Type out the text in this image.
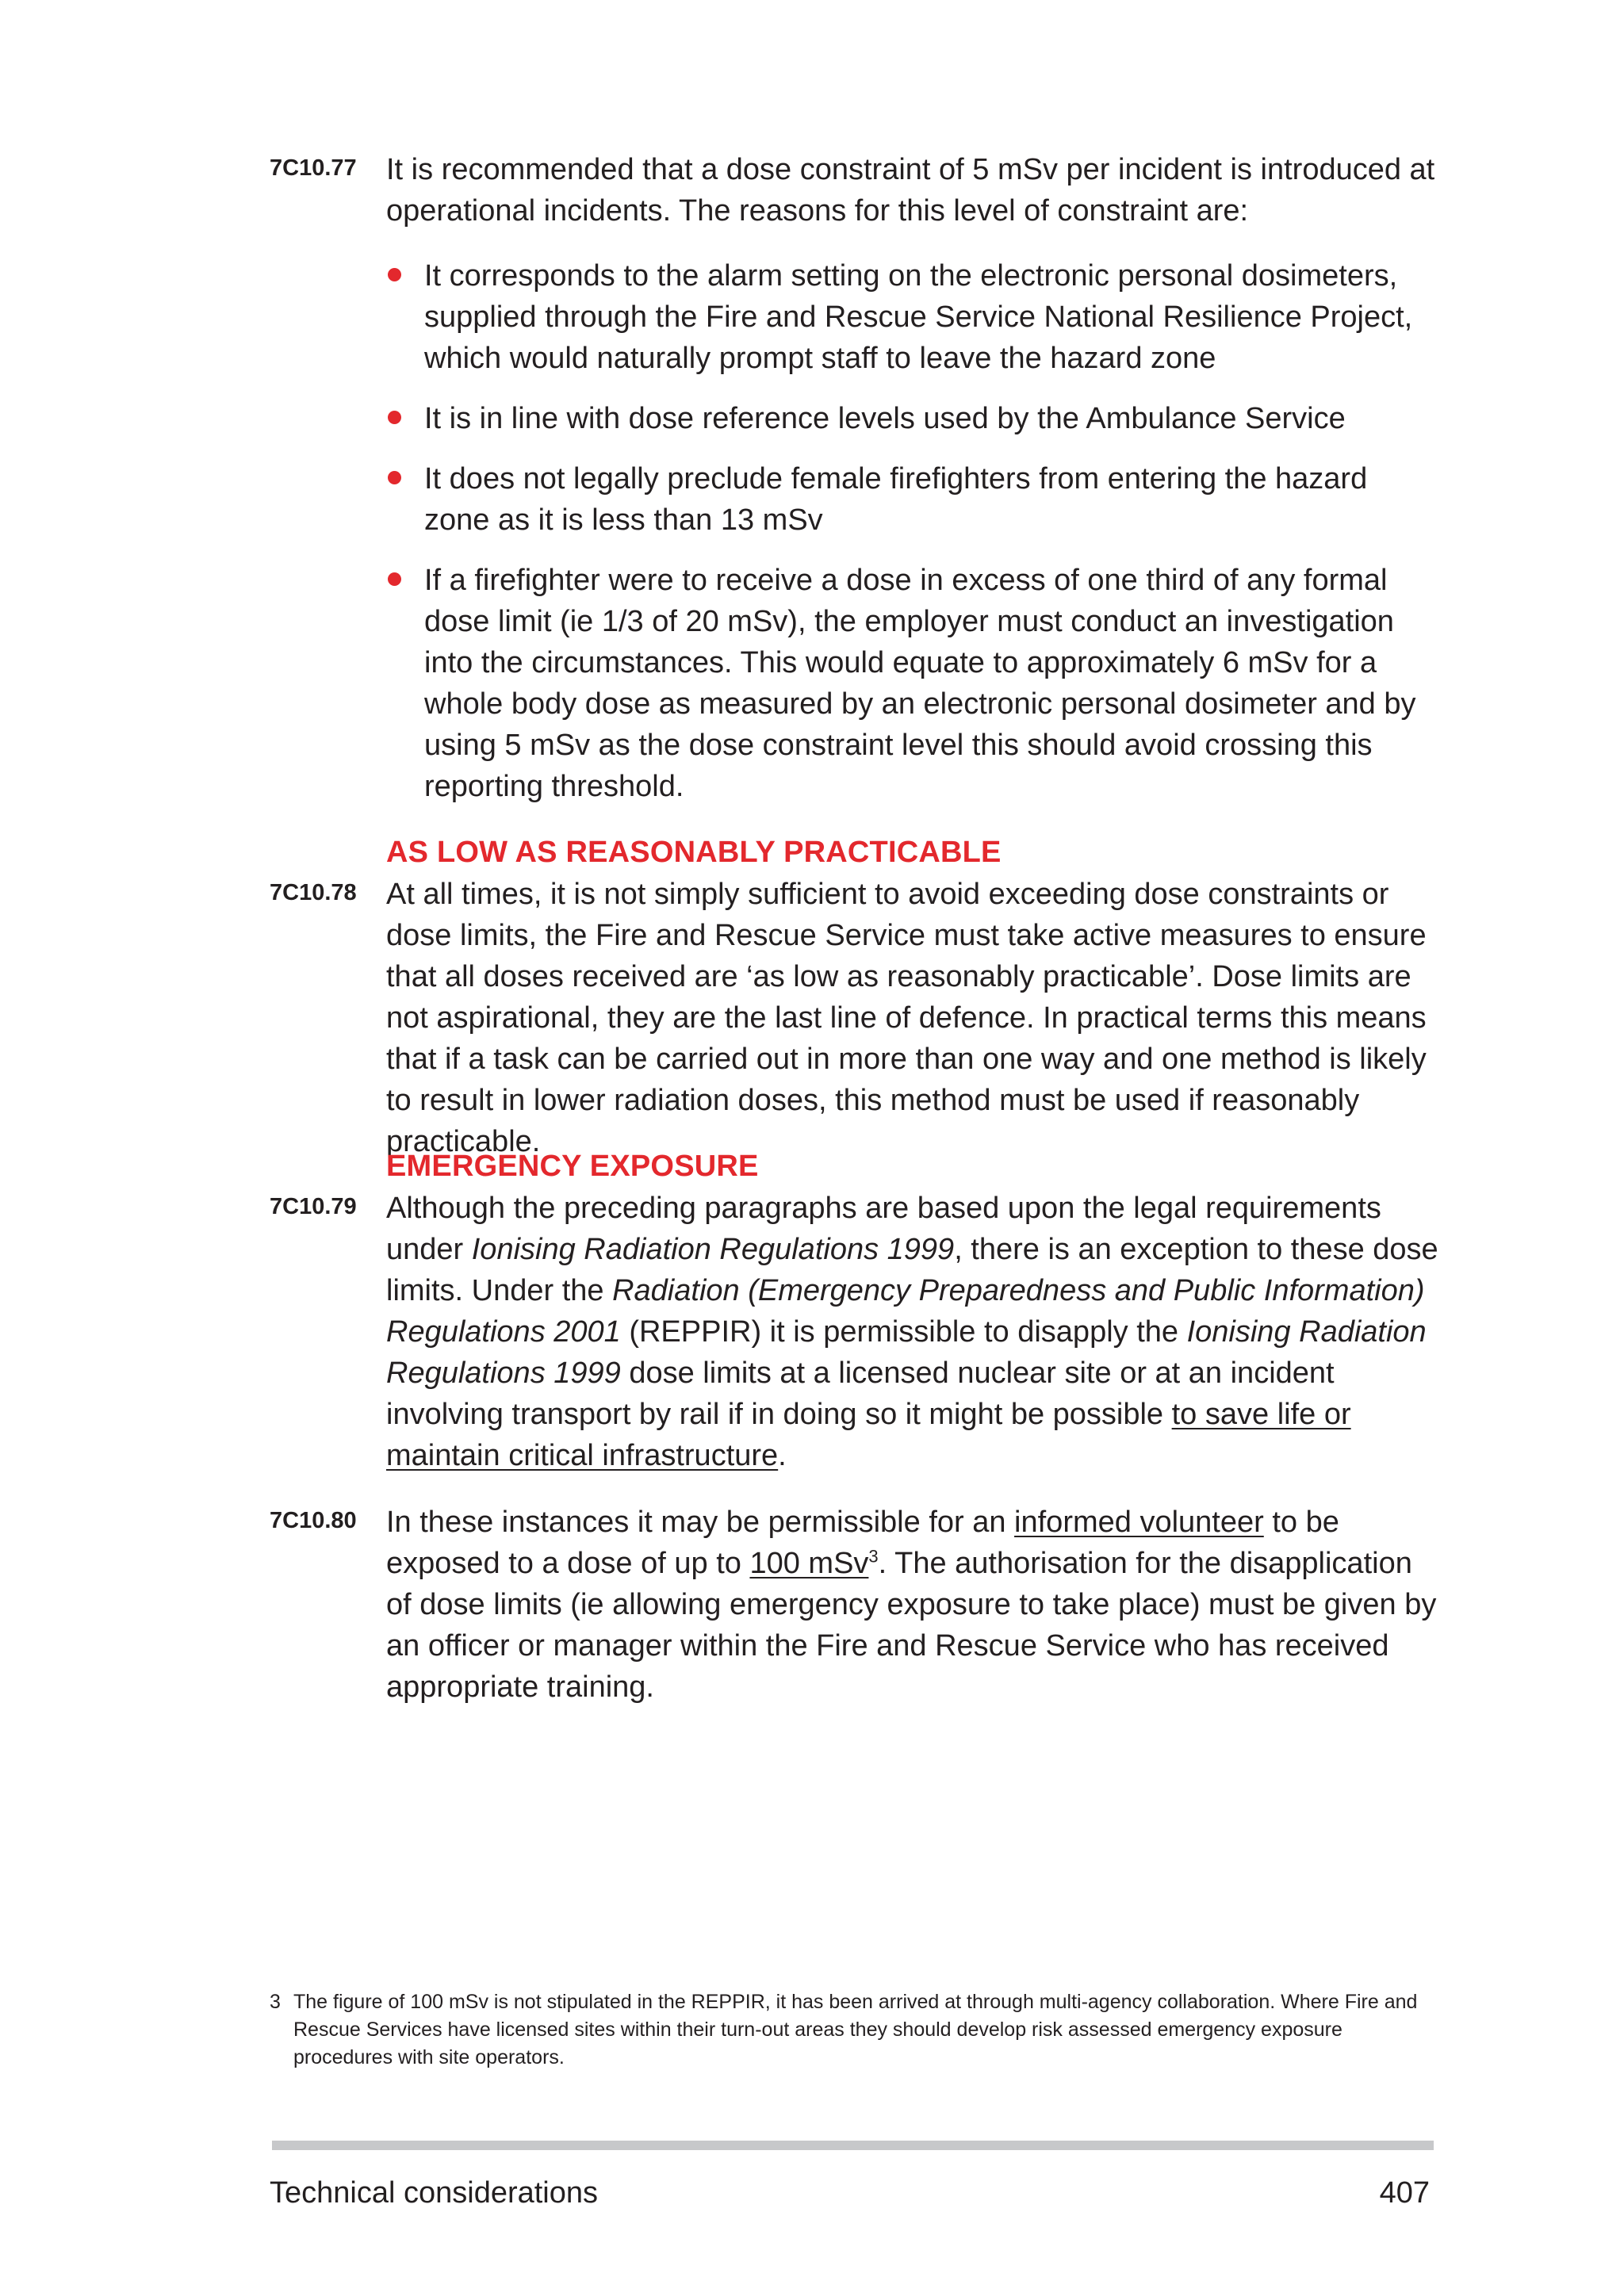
7C10.77 It is recommended that a dose constraint of 5 mSv per incident is introduced at operational incidents. The reasons for this level of constraint are:
It corresponds to the alarm setting on the electronic personal dosimeters, supplied through the Fire and Rescue Service National Resilience Project, which would naturally prompt staff to leave the hazard zone
It is in line with dose reference levels used by the Ambulance Service
It does not legally preclude female firefighters from entering the hazard zone as it is less than 13 mSv
If a firefighter were to receive a dose in excess of one third of any formal dose limit (ie 1/3 of 20 mSv), the employer must conduct an investigation into the circumstances. This would equate to approximately 6 mSv for a whole body dose as measured by an electronic personal dosimeter and by using 5 mSv as the dose constraint level this should avoid crossing this reporting threshold.
AS LOW AS REASONABLY PRACTICABLE
7C10.78 At all times, it is not simply sufficient to avoid exceeding dose constraints or dose limits, the Fire and Rescue Service must take active measures to ensure that all doses received are ‘as low as reasonably practicable’. Dose limits are not aspirational, they are the last line of defence. In practical terms this means that if a task can be carried out in more than one way and one method is likely to result in lower radiation doses, this method must be used if reasonably practicable.
EMERGENCY EXPOSURE
7C10.79 Although the preceding paragraphs are based upon the legal requirements under Ionising Radiation Regulations 1999, there is an exception to these dose limits. Under the Radiation (Emergency Preparedness and Public Information) Regulations 2001 (REPPIR) it is permissible to disapply the Ionising Radiation Regulations 1999 dose limits at a licensed nuclear site or at an incident involving transport by rail if in doing so it might be possible to save life or maintain critical infrastructure.
7C10.80 In these instances it may be permissible for an informed volunteer to be exposed to a dose of up to 100 mSv$^3$. The authorisation for the disapplication of dose limits (ie allowing emergency exposure to take place) must be given by an officer or manager within the Fire and Rescue Service who has received appropriate training.
3 The figure of 100 mSv is not stipulated in the REPPIR, it has been arrived at through multi-agency collaboration. Where Fire and Rescue Services have licensed sites within their turn-out areas they should develop risk assessed emergency exposure procedures with site operators.
Technical considerations	407
